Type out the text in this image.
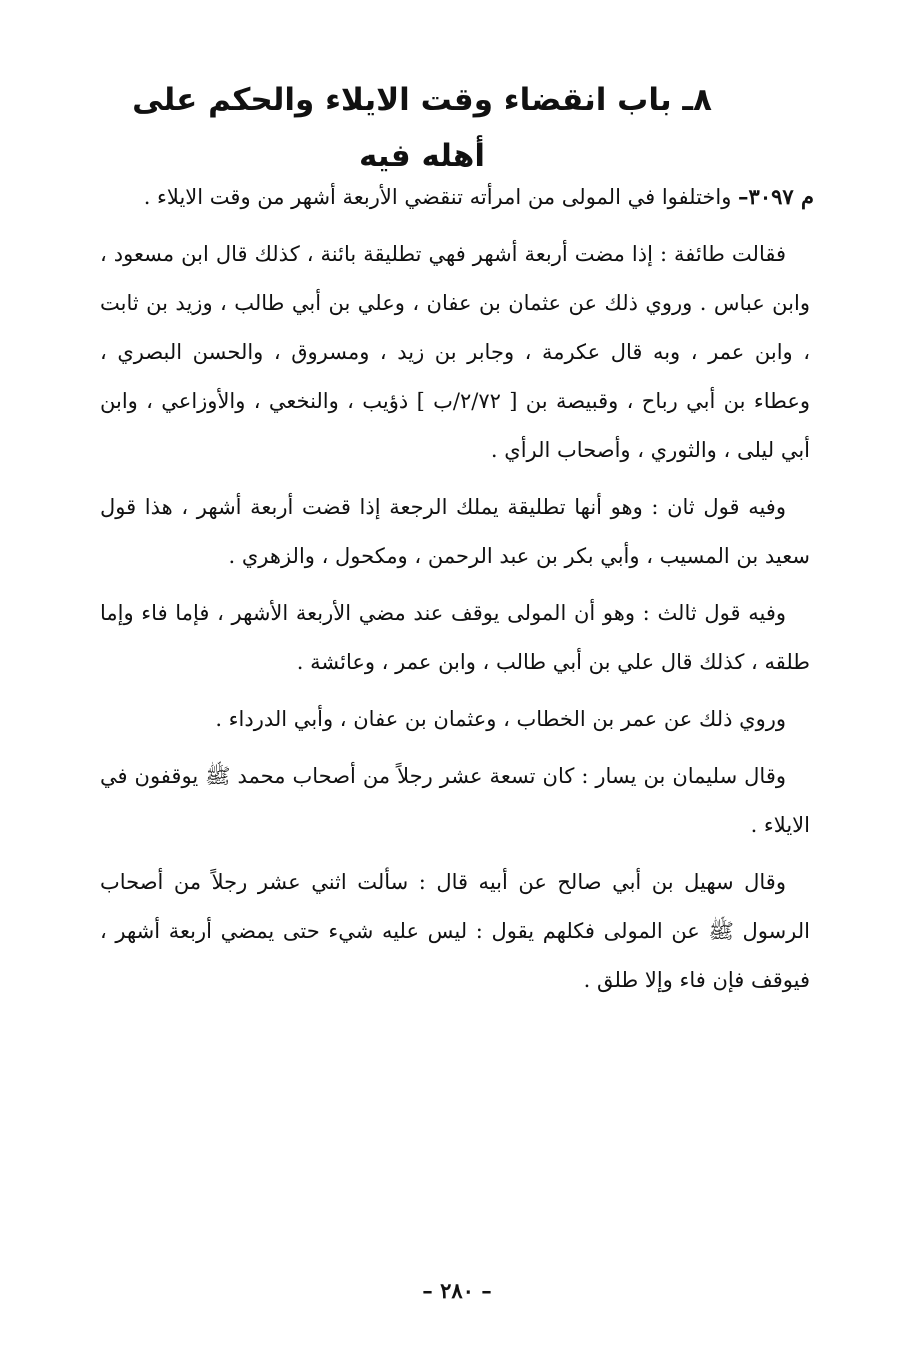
٨ـ باب انقضاء وقت الايلاء والحكم على أهله فيه

م ٣٠٩٧– واختلفوا في المولى من امرأته تنقضي الأربعة أشهر من وقت الايلاء .

فقالت طائفة : إذا مضت أربعة أشهر فهي تطليقة بائنة ، كذلك قال ابن مسعود ، وابن عباس . وروي ذلك عن عثمان بن عفان ، وعلي بن أبي طالب ، وزيد بن ثابت ، وابن عمر ، وبه قال عكرمة ، وجابر بن زيد ، ومسروق ، والحسن البصري ، وعطاء بن أبي رباح ، وقبيصة بن [ ٢/٧٢/ب ] ذؤيب ، والنخعي ، والأوزاعي ، وابن أبي ليلى ، والثوري ، وأصحاب الرأي .

وفيه قول ثان : وهو أنها تطليقة يملك الرجعة إذا قضت أربعة أشهر ، هذا قول سعيد بن المسيب ، وأبي بكر بن عبد الرحمن ، ومكحول ، والزهري .

وفيه قول ثالث : وهو أن المولى يوقف عند مضي الأربعة الأشهر ، فإما فاء وإما طلقه ، كذلك قال علي بن أبي طالب ، وابن عمر ، وعائشة .

وروي ذلك عن عمر بن الخطاب ، وعثمان بن عفان ، وأبي الدرداء .

وقال سليمان بن يسار : كان تسعة عشر رجلاً من أصحاب محمد ﷺ يوقفون في الايلاء .

وقال سهيل بن أبي صالح عن أبيه قال : سألت اثني عشر رجلاً من أصحاب الرسول ﷺ عن المولى فكلهم يقول : ليس عليه شيء حتى يمضي أربعة أشهر ، فيوقف فإن فاء وإلا طلق .

– ٢٨٠ –
